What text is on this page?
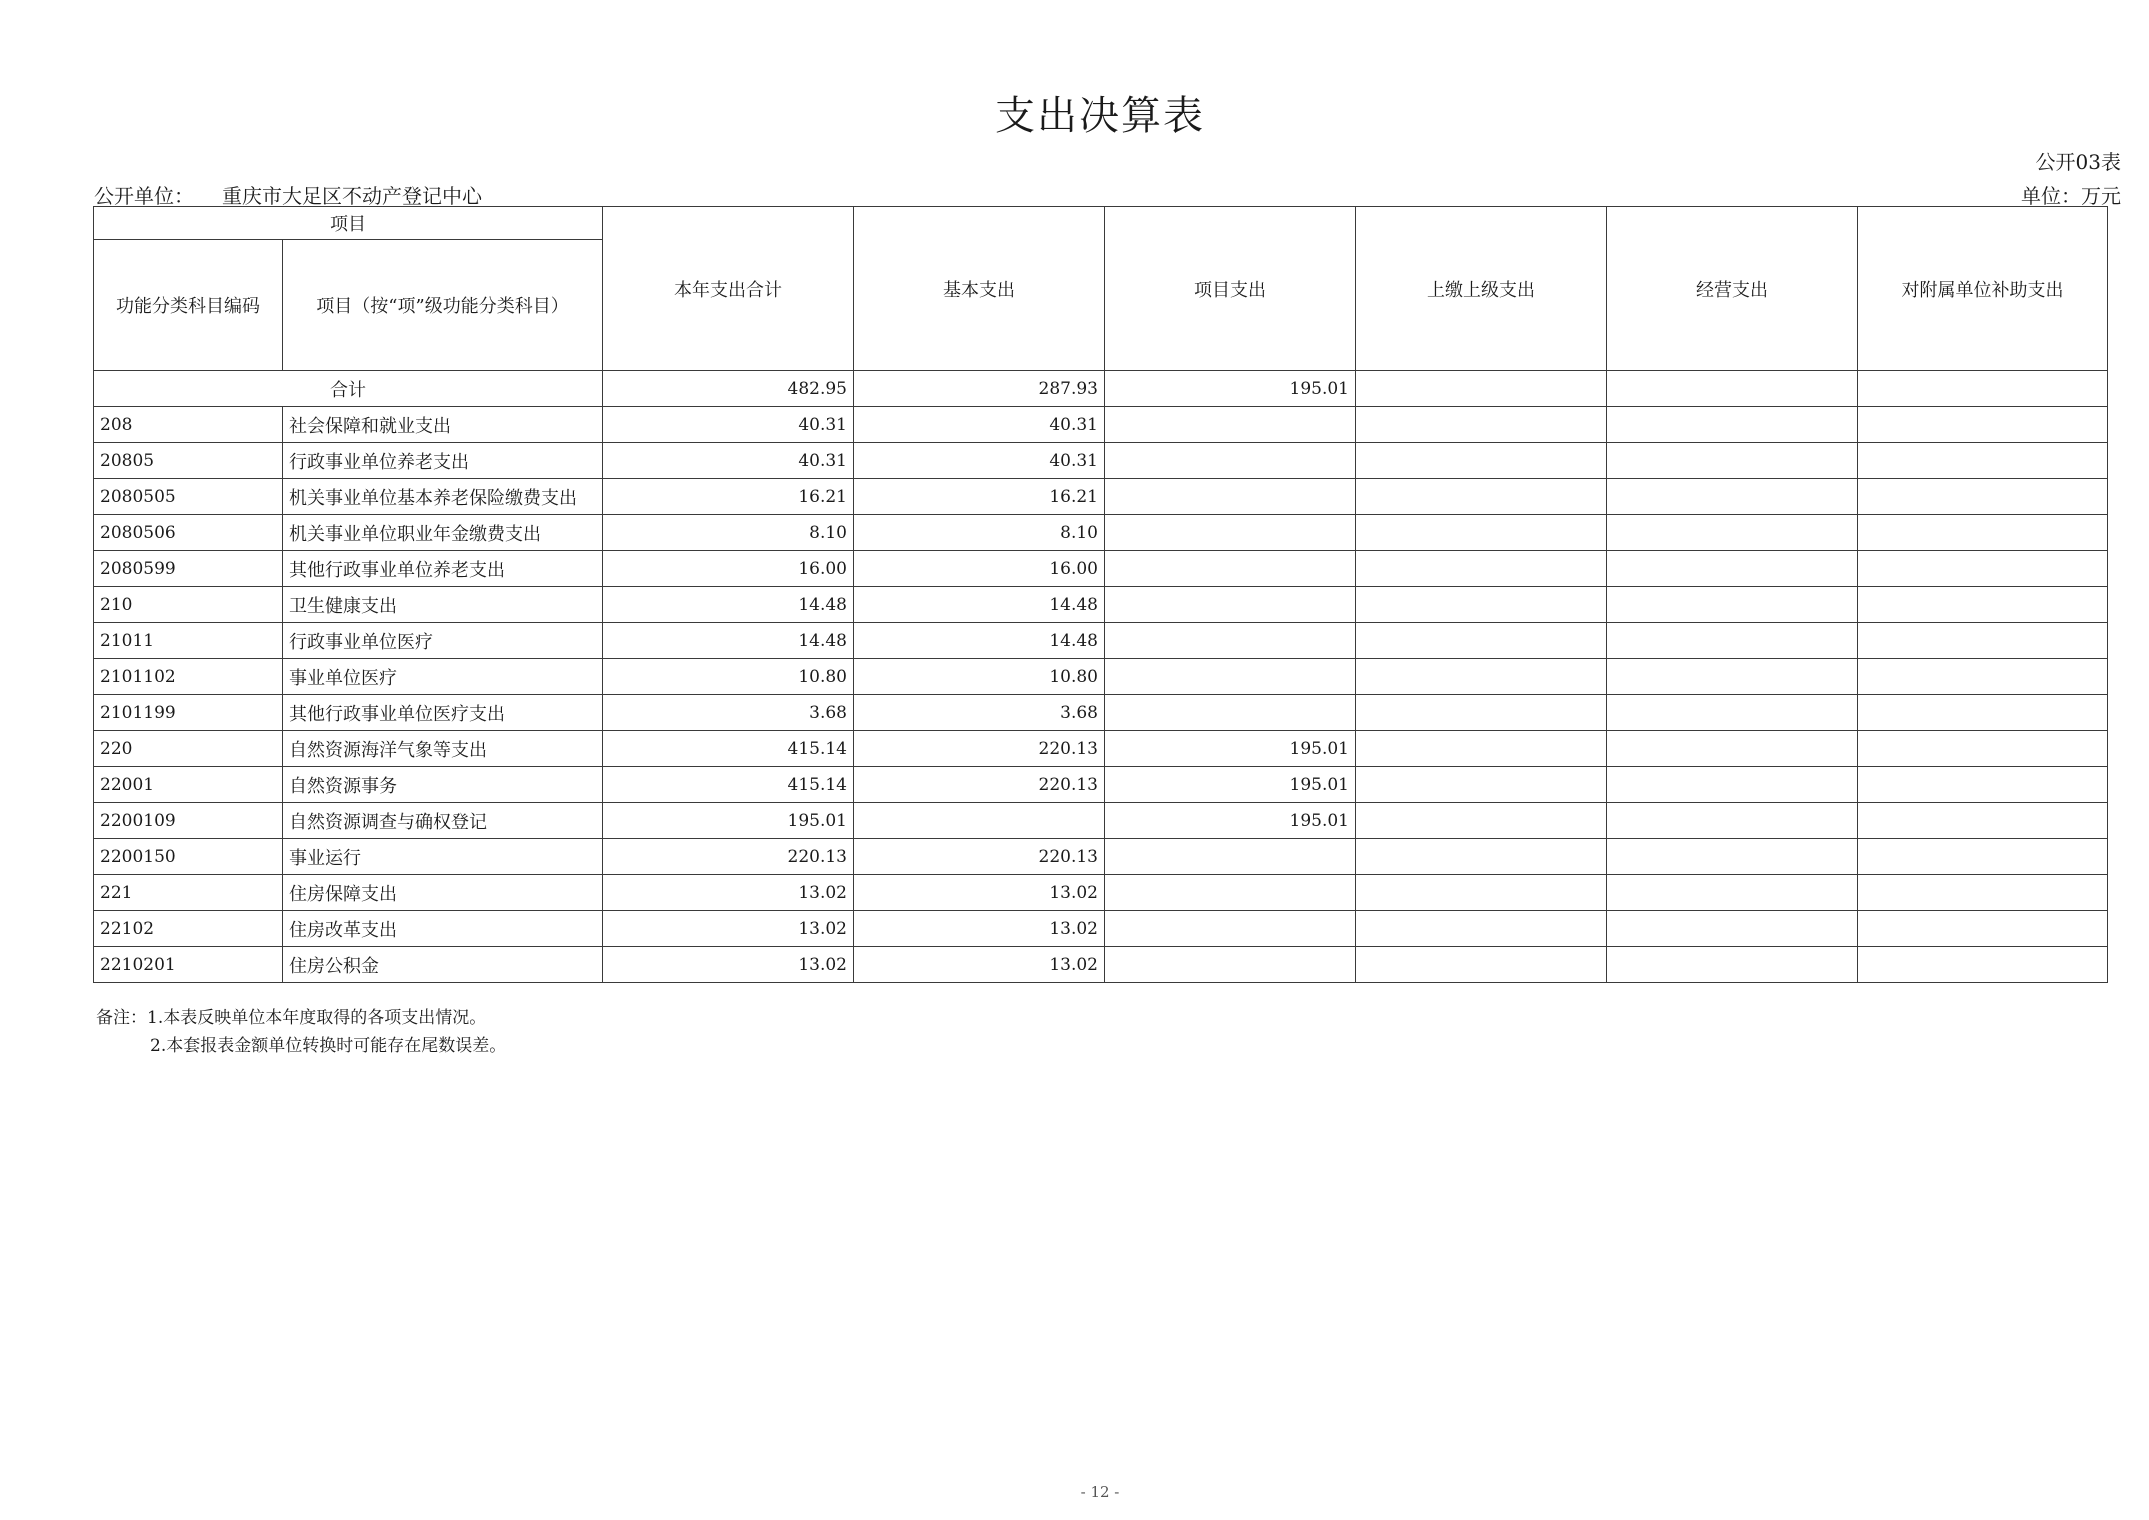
支出决算表
公开03表
公开单位： 重庆市大足区不动产登记中心	单位：万元
项目		本年支出合计	基本支出	项目支出	上缴上级支出	经营支出	对附属单位补助支出
功能分类科目编码	项目（按“项”级功能分类科目）						
合计		482.95	287.93	195.01			
208	社会保障和就业支出	40.31	40.31				
20805	行政事业单位养老支出	40.31	40.31				
2080505	机关事业单位基本养老保险缴费支出	16.21	16.21				
2080506	机关事业单位职业年金缴费支出	8.10	8.10				
2080599	其他行政事业单位养老支出	16.00	16.00				
210	卫生健康支出	14.48	14.48				
21011	行政事业单位医疗	14.48	14.48				
2101102	事业单位医疗	10.80	10.80				
2101199	其他行政事业单位医疗支出	3.68	3.68				
220	自然资源海洋气象等支出	415.14	220.13	195.01			
22001	自然资源事务	415.14	220.13	195.01			
2200109	自然资源调查与确权登记	195.01		195.01			
2200150	事业运行	220.13	220.13				
221	住房保障支出	13.02	13.02				
22102	住房改革支出	13.02	13.02				
2210201	住房公积金	13.02	13.02				
备注：1.本表反映单位本年度取得的各项支出情况。
2.本套报表金额单位转换时可能存在尾数误差。
- 12 -
